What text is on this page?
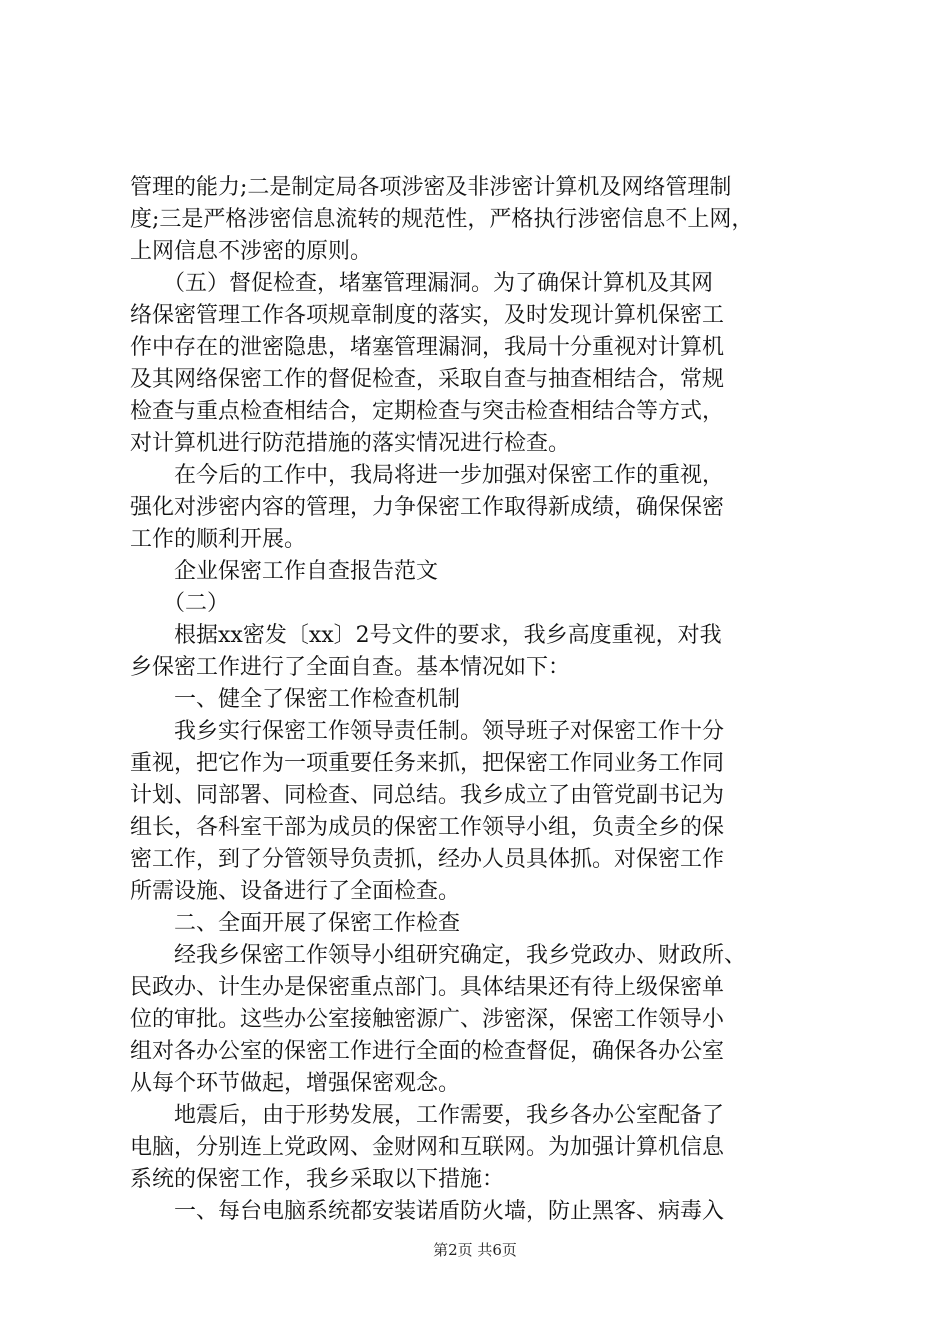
管理的能力;二是制定局各项涉密及非涉密计算机及网络管理制
度;三是严格涉密信息流转的规范性，严格执行涉密信息不上网，
上网信息不涉密的原则。
　　（五）督促检查，堵塞管理漏洞。为了确保计算机及其网
络保密管理工作各项规章制度的落实，及时发现计算机保密工
作中存在的泄密隐患，堵塞管理漏洞，我局十分重视对计算机
及其网络保密工作的督促检查，采取自查与抽查相结合，常规
检查与重点检查相结合，定期检查与突击检查相结合等方式，
对计算机进行防范措施的落实情况进行检查。
　　在今后的工作中，我局将进一步加强对保密工作的重视，
强化对涉密内容的管理，力争保密工作取得新成绩，确保保密
工作的顺利开展。
　　企业保密工作自查报告范文
　　（二）
　　根据xx密发〔xx〕2号文件的要求，我乡高度重视，对我
乡保密工作进行了全面自查。基本情况如下：
　　一、健全了保密工作检查机制
　　我乡实行保密工作领导责任制。领导班子对保密工作十分
重视，把它作为一项重要任务来抓，把保密工作同业务工作同
计划、同部署、同检查、同总结。我乡成立了由管党副书记为
组长，各科室干部为成员的保密工作领导小组，负责全乡的保
密工作，到了分管领导负责抓，经办人员具体抓。对保密工作
所需设施、设备进行了全面检查。
　　二、全面开展了保密工作检查
　　经我乡保密工作领导小组研究确定，我乡党政办、财政所、
民政办、计生办是保密重点部门。具体结果还有待上级保密单
位的审批。这些办公室接触密源广、涉密深，保密工作领导小
组对各办公室的保密工作进行全面的检查督促，确保各办公室
从每个环节做起，增强保密观念。
　　地震后，由于形势发展，工作需要，我乡各办公室配备了
电脑，分别连上党政网、金财网和互联网。为加强计算机信息
系统的保密工作，我乡采取以下措施：
　　一、每台电脑系统都安装诺盾防火墙，防止黑客、病毒入
第2页 共6页
